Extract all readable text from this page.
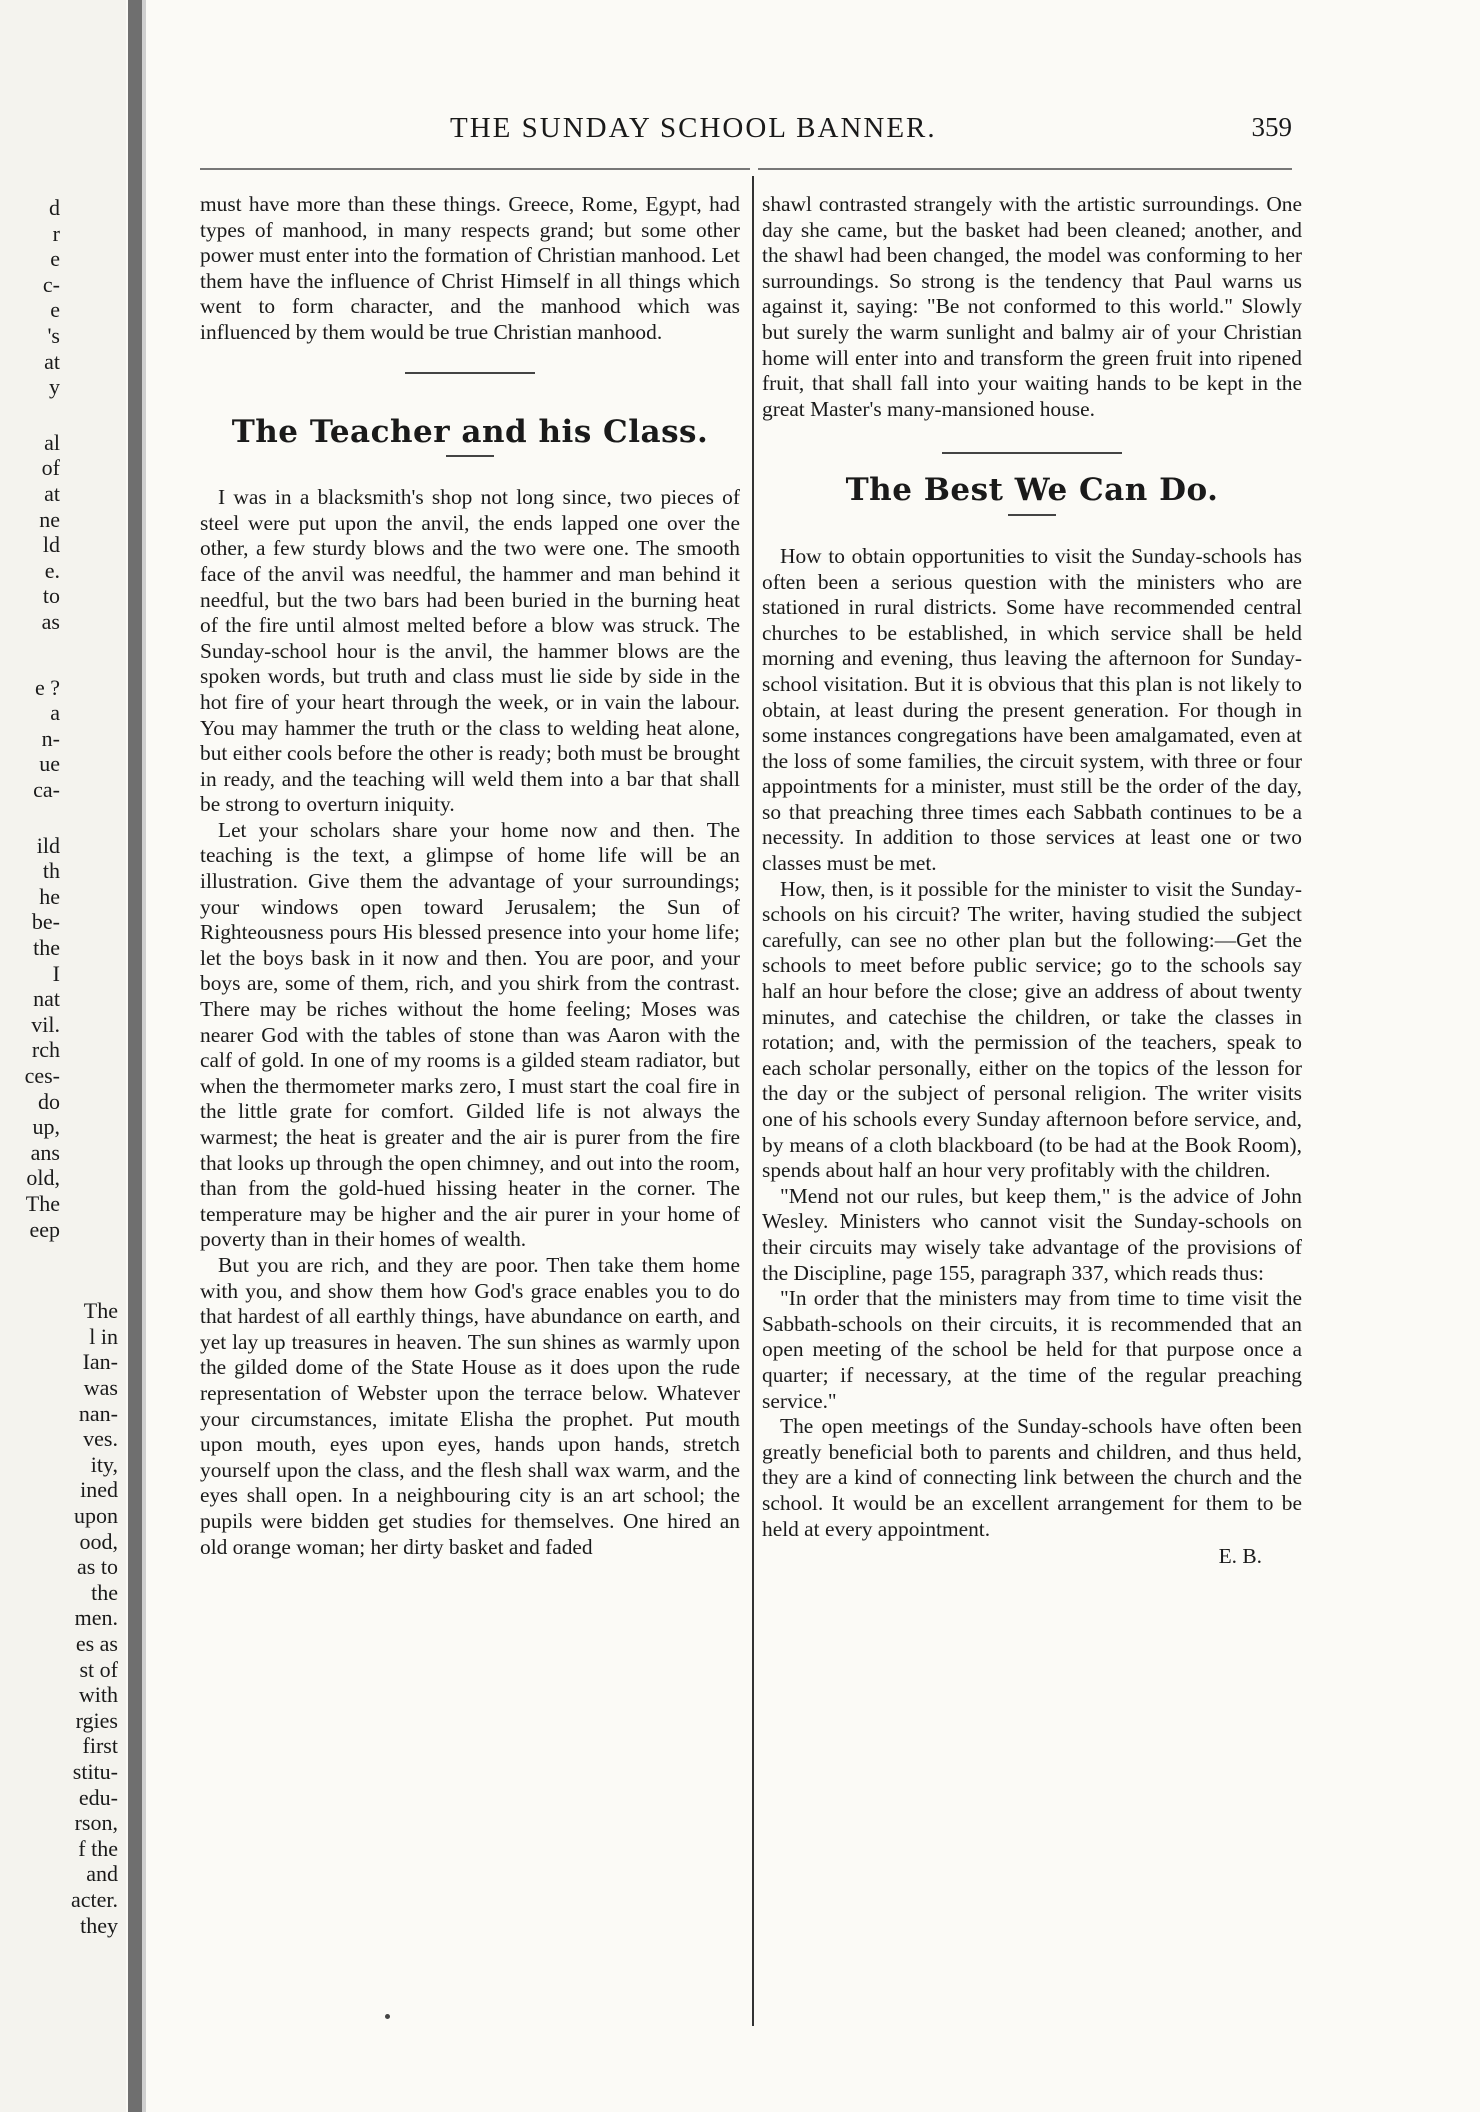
d
r
e
c-
e
's
at
y
al
of
at
ne
ld
e.
to
as
e ?
a
n-
ue
ca-
ild
th
he
be-
the
I
nat
vil.
rch
ces-
do
up,
ans
old,
The
eep
The
l in
Ian-
was
nan-
ves.
ity,
ined
upon
ood,
as to
the
men.
es as
st of
with
rgies
first
stitu-
edu-
rson,
f the
and
acter.
they
THE SUNDAY SCHOOL BANNER.	359

must have more than these things. Greece, Rome, Egypt, had types of manhood, in many respects grand; but some other power must enter into the formation of Christian manhood. Let them have the influence of Christ Himself in all things which went to form character, and the manhood which was influenced by them would be true Christian manhood.

The Teacher and his Class.

I was in a blacksmith's shop not long since, two pieces of steel were put upon the anvil, the ends lapped one over the other, a few sturdy blows and the two were one. The smooth face of the anvil was needful, the hammer and man behind it needful, but the two bars had been buried in the burning heat of the fire until almost melted before a blow was struck. The Sunday-school hour is the anvil, the hammer blows are the spoken words, but truth and class must lie side by side in the hot fire of your heart through the week, or in vain the labour. You may hammer the truth or the class to welding heat alone, but either cools before the other is ready; both must be brought in ready, and the teaching will weld them into a bar that shall be strong to overturn iniquity.

Let your scholars share your home now and then. The teaching is the text, a glimpse of home life will be an illustration. Give them the advantage of your surroundings; your windows open toward Jerusalem; the Sun of Righteousness pours His blessed presence into your home life; let the boys bask in it now and then. You are poor, and your boys are, some of them, rich, and you shirk from the contrast. There may be riches without the home feeling; Moses was nearer God with the tables of stone than was Aaron with the calf of gold. In one of my rooms is a gilded steam radiator, but when the thermometer marks zero, I must start the coal fire in the little grate for comfort. Gilded life is not always the warmest; the heat is greater and the air is purer from the fire that looks up through the open chimney, and out into the room, than from the gold-hued hissing heater in the corner. The temperature may be higher and the air purer in your home of poverty than in their homes of wealth.

But you are rich, and they are poor. Then take them home with you, and show them how God's grace enables you to do that hardest of all earthly things, have abundance on earth, and yet lay up treasures in heaven. The sun shines as warmly upon the gilded dome of the State House as it does upon the rude representation of Webster upon the terrace below. Whatever your circumstances, imitate Elisha the prophet. Put mouth upon mouth, eyes upon eyes, hands upon hands, stretch yourself upon the class, and the flesh shall wax warm, and the eyes shall open. In a neighbouring city is an art school; the pupils were bidden get studies for themselves. One hired an old orange woman; her dirty basket and faded

shawl contrasted strangely with the artistic surroundings. One day she came, but the basket had been cleaned; another, and the shawl had been changed, the model was conforming to her surroundings. So strong is the tendency that Paul warns us against it, saying: "Be not conformed to this world." Slowly but surely the warm sunlight and balmy air of your Christian home will enter into and transform the green fruit into ripened fruit, that shall fall into your waiting hands to be kept in the great Master's many-mansioned house.

The Best We Can Do.

How to obtain opportunities to visit the Sunday-schools has often been a serious question with the ministers who are stationed in rural districts. Some have recommended central churches to be established, in which service shall be held morning and evening, thus leaving the afternoon for Sunday-school visitation. But it is obvious that this plan is not likely to obtain, at least during the present generation. For though in some instances congregations have been amalgamated, even at the loss of some families, the circuit system, with three or four appointments for a minister, must still be the order of the day, so that preaching three times each Sabbath continues to be a necessity. In addition to those services at least one or two classes must be met.

How, then, is it possible for the minister to visit the Sunday-schools on his circuit? The writer, having studied the subject carefully, can see no other plan but the following:—Get the schools to meet before public service; go to the schools say half an hour before the close; give an address of about twenty minutes, and catechise the children, or take the classes in rotation; and, with the permission of the teachers, speak to each scholar personally, either on the topics of the lesson for the day or the subject of personal religion. The writer visits one of his schools every Sunday afternoon before service, and, by means of a cloth blackboard (to be had at the Book Room), spends about half an hour very profitably with the children.

"Mend not our rules, but keep them," is the advice of John Wesley. Ministers who cannot visit the Sunday-schools on their circuits may wisely take advantage of the provisions of the Discipline, page 155, paragraph 337, which reads thus:

"In order that the ministers may from time to time visit the Sabbath-schools on their circuits, it is recommended that an open meeting of the school be held for that purpose once a quarter; if necessary, at the time of the regular preaching service."

The open meetings of the Sunday-schools have often been greatly beneficial both to parents and children, and thus held, they are a kind of connecting link between the church and the school. It would be an excellent arrangement for them to be held at every appointment.

E. B.
